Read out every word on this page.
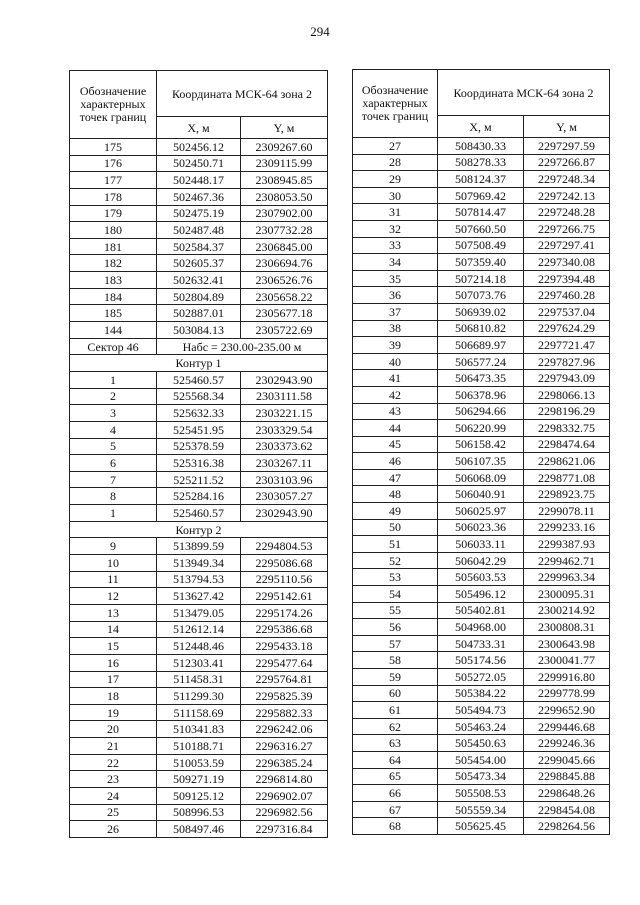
294
Обозначение характерных точек границ	Координата МСК-64 зона 2	
	X, м	Y, м
175	502456.12	2309267.60
176	502450.71	2309115.99
177	502448.17	2308945.85
178	502467.36	2308053.50
179	502475.19	2307902.00
180	502487.48	2307732.28
181	502584.37	2306845.00
182	502605.37	2306694.76
183	502632.41	2306526.76
184	502804.89	2305658.22
185	502887.01	2305677.18
144	503084.13	2305722.69
Сектор 46	Набс = 230.00-235.00 м	
Контур 1		
1	525460.57	2302943.90
2	525568.34	2303111.58
3	525632.33	2303221.15
4	525451.95	2303329.54
5	525378.59	2303373.62
6	525316.38	2303267.11
7	525211.52	2303103.96
8	525284.16	2303057.27
1	525460.57	2302943.90
Контур 2		
9	513899.59	2294804.53
10	513949.34	2295086.68
11	513794.53	2295110.56
12	513627.42	2295142.61
13	513479.05	2295174.26
14	512612.14	2295386.68
15	512448.46	2295433.18
16	512303.41	2295477.64
17	511458.31	2295764.81
18	511299.30	2295825.39
19	511158.69	2295882.33
20	510341.83	2296242.06
21	510188.71	2296316.27
22	510053.59	2296385.24
23	509271.19	2296814.80
24	509125.12	2296902.07
25	508996.53	2296982.56
26	508497.46	2297316.84
Обозначение характерных точек границ	Координата МСК-64 зона 2	
	X, м	Y, м
27	508430.33	2297297.59
28	508278.33	2297266.87
29	508124.37	2297248.34
30	507969.42	2297242.13
31	507814.47	2297248.28
32	507660.50	2297266.75
33	507508.49	2297297.41
34	507359.40	2297340.08
35	507214.18	2297394.48
36	507073.76	2297460.28
37	506939.02	2297537.04
38	506810.82	2297624.29
39	506689.97	2297721.47
40	506577.24	2297827.96
41	506473.35	2297943.09
42	506378.96	2298066.13
43	506294.66	2298196.29
44	506220.99	2298332.75
45	506158.42	2298474.64
46	506107.35	2298621.06
47	506068.09	2298771.08
48	506040.91	2298923.75
49	506025.97	2299078.11
50	506023.36	2299233.16
51	506033.11	2299387.93
52	506042.29	2299462.71
53	505603.53	2299963.34
54	505496.12	2300095.31
55	505402.81	2300214.92
56	504968.00	2300808.31
57	504733.31	2300643.98
58	505174.56	2300041.77
59	505272.05	2299916.80
60	505384.22	2299778.99
61	505494.73	2299652.90
62	505463.24	2299446.68
63	505450.63	2299246.36
64	505454.00	2299045.66
65	505473.34	2298845.88
66	505508.53	2298648.26
67	505559.34	2298454.08
68	505625.45	2298264.56
